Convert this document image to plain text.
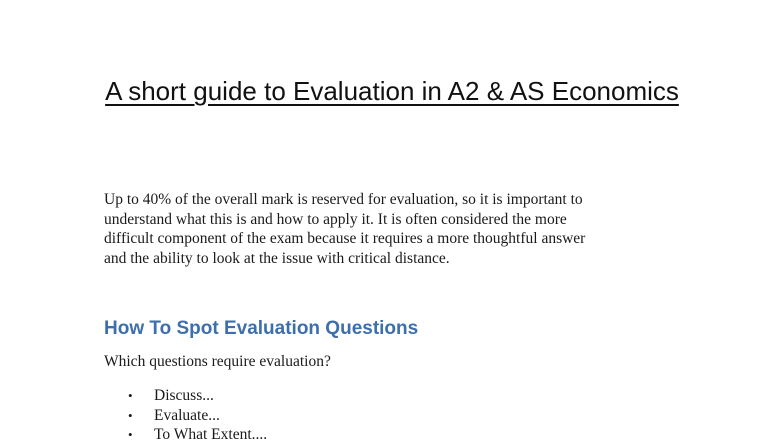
A short guide to Evaluation in A2 & AS Economics

Up to 40% of the overall mark is reserved for evaluation, so it is important to
understand what this is and how to apply it. It is often considered the more
difficult component of the exam because it requires a more thoughtful answer
and the ability to look at the issue with critical distance.

How To Spot Evaluation Questions

Which questions require evaluation?

•	Discuss...
•	Evaluate...
•	To What Extent....
